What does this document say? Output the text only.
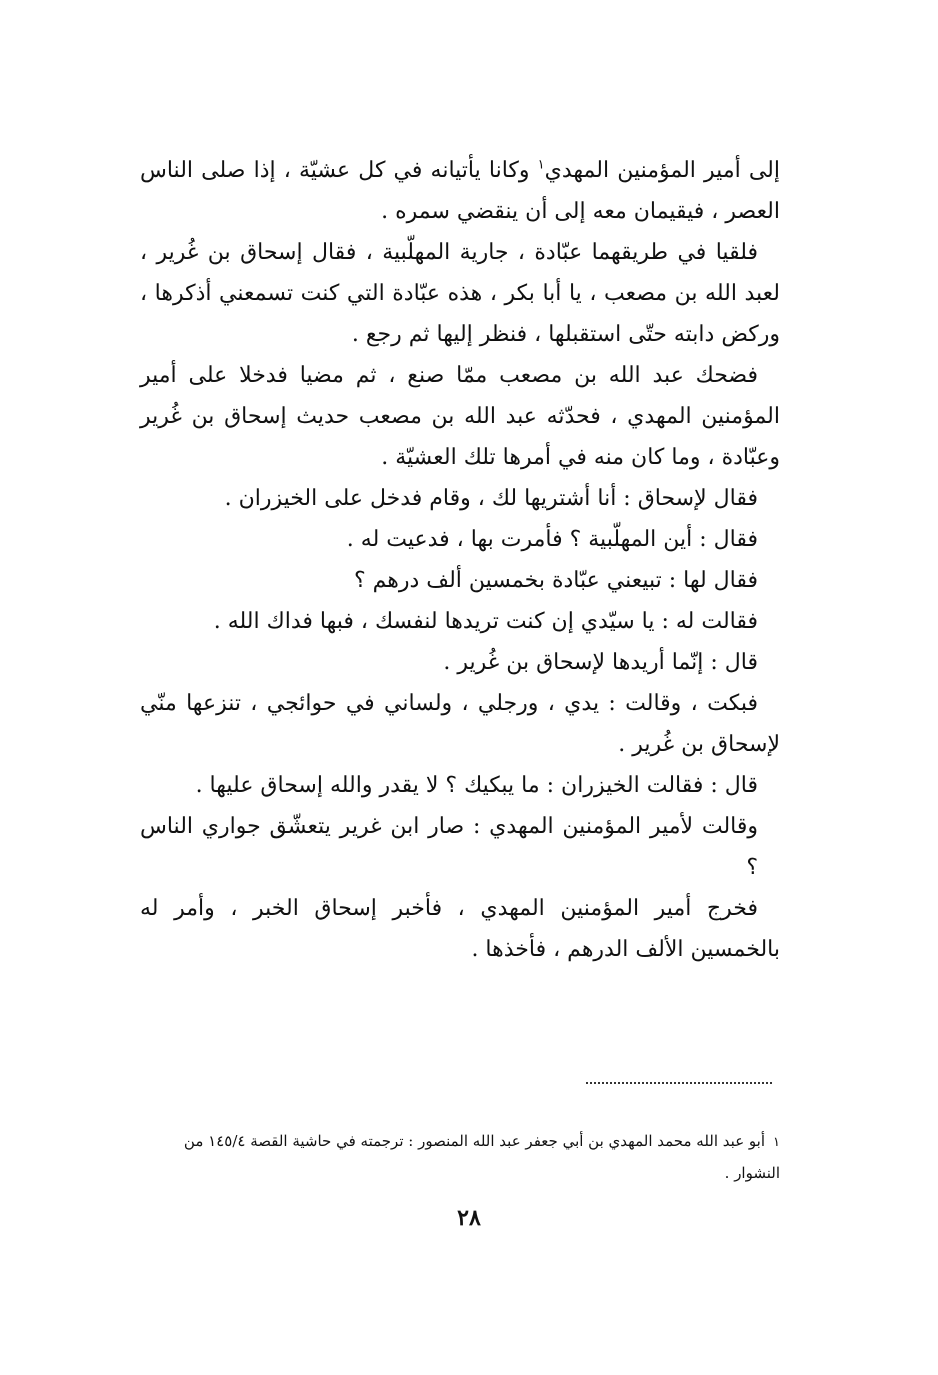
إلى أمير المؤمنين المهدي$^١$ وكانا يأتيانه في كل عشيّة ، إذا صلى الناس العصر ، فيقيمان معه إلى أن ينقضي سمره .

فلقيا في طريقهما عبّادة ، جارية المهلّبية ، فقال إسحاق بن غُرير ، لعبد الله بن مصعب ، يا أبا بكر ، هذه عبّادة التي كنت تسمعني أذكرها ، وركض دابته حتّى استقبلها ، فنظر إليها ثم رجع .

فضحك عبد الله بن مصعب ممّا صنع ، ثم مضيا فدخلا على أمير المؤمنين المهدي ، فحدّثه عبد الله بن مصعب حديث إسحاق بن غُرير وعبّادة ، وما كان منه في أمرها تلك العشيّة .

فقال لإسحاق : أنا أشتريها لك ، وقام فدخل على الخيزران .

فقال : أين المهلّبية ؟ فأمرت بها ، فدعيت له .

فقال لها : تبيعني عبّادة بخمسين ألف درهم ؟

فقالت له : يا سيّدي إن كنت تريدها لنفسك ، فبها فداك الله .

قال : إنّما أريدها لإسحاق بن غُرير .

فبكت ، وقالت : يدي ، ورجلي ، ولساني في حوائجي ، تنزعها منّي لإسحاق بن غُرير .

قال : فقالت الخيزران : ما يبكيك ؟ لا يقدر والله إسحاق عليها .

وقالت لأمير المؤمنين المهدي : صار ابن غرير يتعشّق جواري الناس ؟

فخرج أمير المؤمنين المهدي ، فأخبر إسحاق الخبر ، وأمر له بالخمسين الألف الدرهم ، فأخذها .

١أبو عبد الله محمد المهدي بن أبي جعفر عبد الله المنصور : ترجمته في حاشية القصة ١٤٥/٤ من النشوار .

٢٨
